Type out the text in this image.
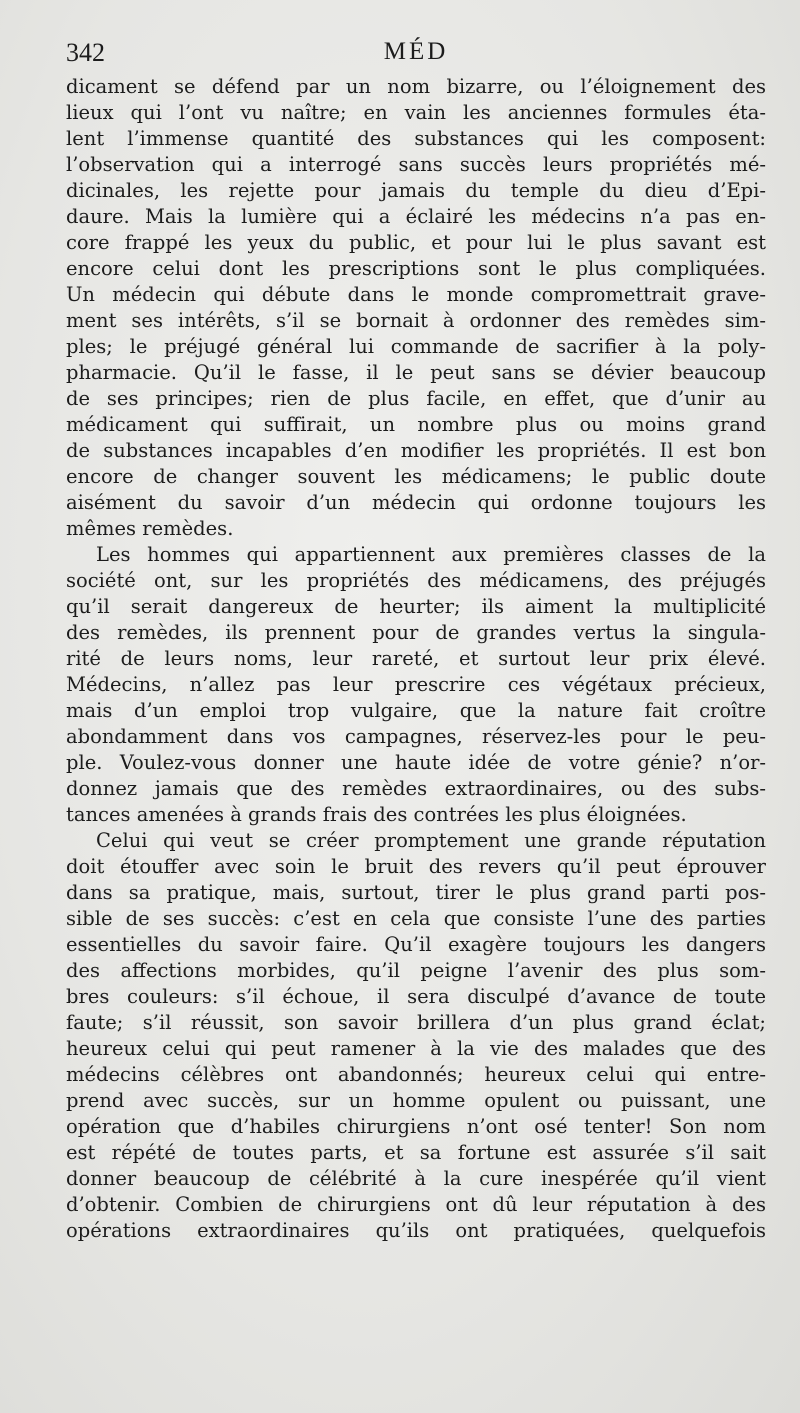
342	MÉD
dicament se défend par un nom bizarre, ou l’éloignement des
lieux qui l’ont vu naître; en vain les anciennes formules éta-
lent l’immense quantité des substances qui les composent:
l’observation qui a interrogé sans succès leurs propriétés mé-
dicinales, les rejette pour jamais du temple du dieu d’Epi-
daure. Mais la lumière qui a éclairé les médecins n’a pas en-
core frappé les yeux du public, et pour lui le plus savant est
encore celui dont les prescriptions sont le plus compliquées.
Un médecin qui débute dans le monde compromettrait grave-
ment ses intérêts, s’il se bornait à ordonner des remèdes sim-
ples; le préjugé général lui commande de sacrifier à la poly-
pharmacie. Qu’il le fasse, il le peut sans se dévier beaucoup
de ses principes; rien de plus facile, en effet, que d’unir au
médicament qui suffirait, un nombre plus ou moins grand
de substances incapables d’en modifier les propriétés. Il est bon
encore de changer souvent les médicamens; le public doute
aisément du savoir d’un médecin qui ordonne toujours les
mêmes remèdes.
Les hommes qui appartiennent aux premières classes de la
société ont, sur les propriétés des médicamens, des préjugés
qu’il serait dangereux de heurter; ils aiment la multiplicité
des remèdes, ils prennent pour de grandes vertus la singula-
rité de leurs noms, leur rareté, et surtout leur prix élevé.
Médecins, n’allez pas leur prescrire ces végétaux précieux,
mais d’un emploi trop vulgaire, que la nature fait croître
abondamment dans vos campagnes, réservez-les pour le peu-
ple. Voulez-vous donner une haute idée de votre génie? n’or-
donnez jamais que des remèdes extraordinaires, ou des subs-
tances amenées à grands frais des contrées les plus éloignées.
Celui qui veut se créer promptement une grande réputation
doit étouffer avec soin le bruit des revers qu’il peut éprouver
dans sa pratique, mais, surtout, tirer le plus grand parti pos-
sible de ses succès: c’est en cela que consiste l’une des parties
essentielles du savoir faire. Qu’il exagère toujours les dangers
des affections morbides, qu’il peigne l’avenir des plus som-
bres couleurs: s’il échoue, il sera disculpé d’avance de toute
faute; s’il réussit, son savoir brillera d’un plus grand éclat;
heureux celui qui peut ramener à la vie des malades que des
médecins célèbres ont abandonnés; heureux celui qui entre-
prend avec succès, sur un homme opulent ou puissant, une
opération que d’habiles chirurgiens n’ont osé tenter! Son nom
est répété de toutes parts, et sa fortune est assurée s’il sait
donner beaucoup de célébrité à la cure inespérée qu’il vient
d’obtenir. Combien de chirurgiens ont dû leur réputation à des
opérations extraordinaires qu’ils ont pratiquées, quelquefois
